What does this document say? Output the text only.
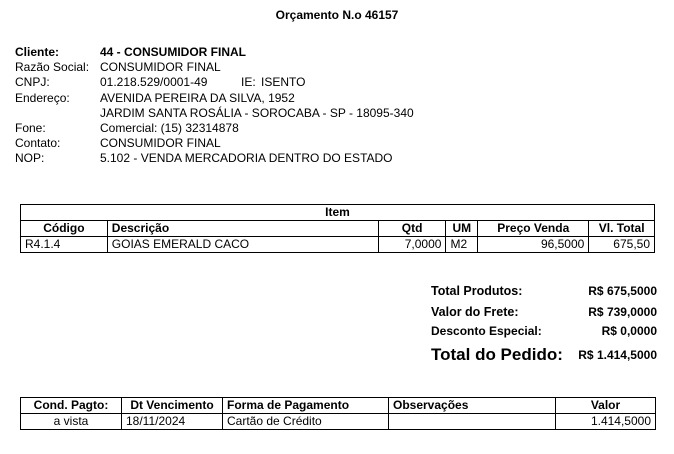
Orçamento N.o 46157
Cliente:	44 - CONSUMIDOR FINAL
Razão Social: CONSUMIDOR FINAL
CNPJ:	01.218.529/0001-49	IE: ISENTO
Endereço:	AVENIDA PEREIRA DA SILVA, 1952
JARDIM SANTA ROSÁLIA - SOROCABA - SP - 18095-340
Fone:	Comercial: (15) 32314878
Contato:	CONSUMIDOR FINAL
NOP:	5.102 - VENDA MERCADORIA DENTRO DO ESTADO
Item					
Código	Descrição	Qtd	UM	Preço Venda	Vl. Total
R4.1.4	GOIAS EMERALD CACO	7,0000	M2	96,5000	675,50
Total Produtos:	R$ 675,5000
Valor do Frete:	R$ 739,0000
Desconto Especial:	R$ 0,0000
Total do Pedido:	R$ 1.414,5000
Cond. Pagto:	Dt Vencimento	Forma de Pagamento	Observações	Valor
a vista	18/11/2024	Cartão de Crédito		1.414,5000
